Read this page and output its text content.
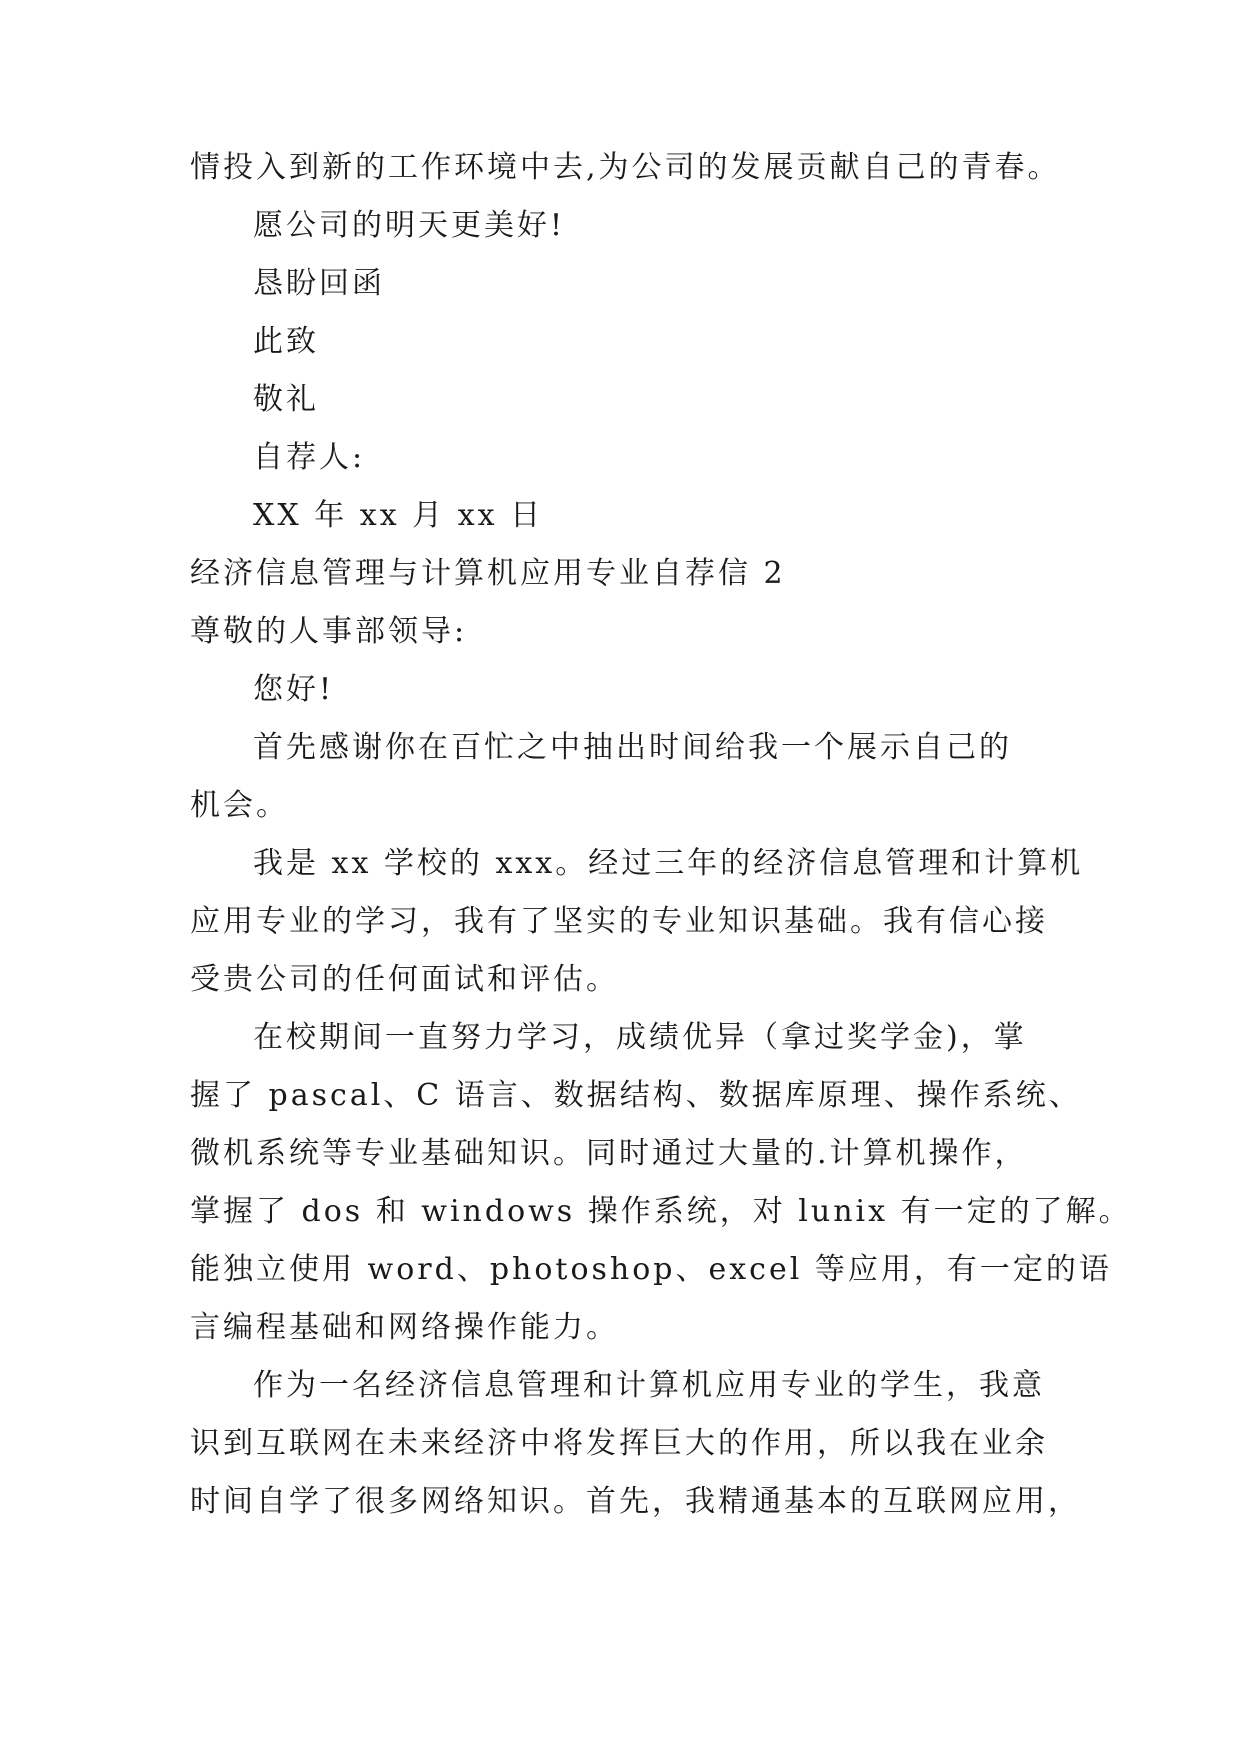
情投入到新的工作环境中去,为公司的发展贡献自己的青春。
愿公司的明天更美好!
恳盼回函
此致
敬礼
自荐人:
XX 年 xx 月 xx 日
经济信息管理与计算机应用专业自荐信 2
尊敬的人事部领导:
您好!
首先感谢你在百忙之中抽出时间给我一个展示自己的
机会。
我是 xx 学校的 xxx。经过三年的经济信息管理和计算机
应用专业的学习，我有了坚实的专业知识基础。我有信心接
受贵公司的任何面试和评估。
在校期间一直努力学习，成绩优异（拿过奖学金)，掌
握了 pascal、C 语言、数据结构、数据库原理、操作系统、
微机系统等专业基础知识。同时通过大量的.计算机操作，
掌握了 dos 和 windows 操作系统，对 lunix 有一定的了解。
能独立使用 word、photoshop、excel 等应用，有一定的语
言编程基础和网络操作能力。
作为一名经济信息管理和计算机应用专业的学生，我意
识到互联网在未来经济中将发挥巨大的作用，所以我在业余
时间自学了很多网络知识。首先，我精通基本的互联网应用，
